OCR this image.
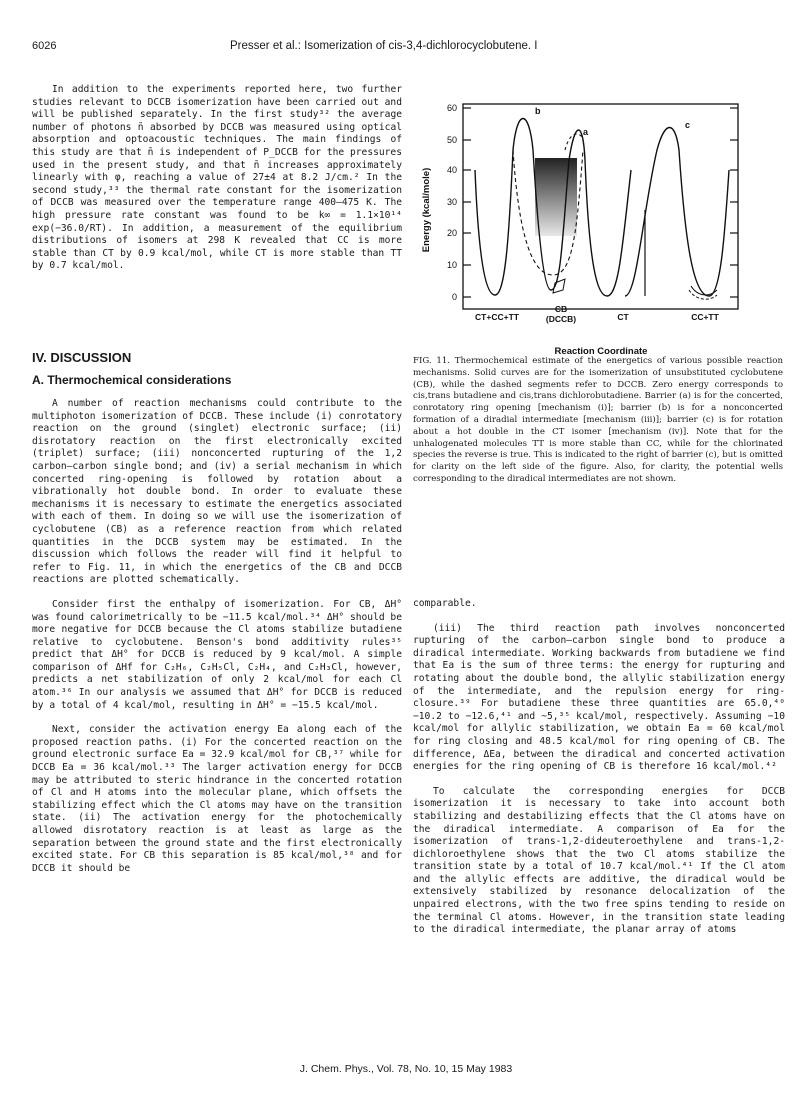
6026	Presser et al.: Isomerization of cis-3,4-dichlorocyclobutene. I

In addition to the experiments reported here, two further studies relevant to DCCB isomerization have been carried out and will be published separately. In the first study³² the average number of photons n̄ absorbed by DCCB was measured using optical absorption and optoacoustic techniques. The main findings of this study are that n̄ is independent of P_DCCB for the pressures used in the present study, and that n̄ increases approximately linearly with φ, reaching a value of 27±4 at 8.2 J/cm.² In the second study,³³ the thermal rate constant for the isomerization of DCCB was measured over the temperature range 400–475 K. The high pressure rate constant was found to be k∞ = 1.1×10¹⁴ exp(−36.0/RT). In addition, a measurement of the equilibrium distributions of isomers at 298 K revealed that CC is more stable than CT by 0.9 kcal/mol, while CT is more stable than TT by 0.7 kcal/mol.

IV. DISCUSSION
A. Thermochemical considerations

A number of reaction mechanisms could contribute to the multiphoton isomerization of DCCB. These include (i) conrotatory reaction on the ground (singlet) electronic surface; (ii) disrotatory reaction on the first electronically excited (triplet) surface; (iii) nonconcerted rupturing of the 1,2 carbon–carbon single bond; and (iv) a serial mechanism in which concerted ring-opening is followed by rotation about a vibrationally hot double bond. In order to evaluate these mechanisms it is necessary to estimate the energetics associated with each of them. In doing so we will use the isomerization of cyclobutene (CB) as a reference reaction from which related quantities in the DCCB system may be estimated. In the discussion which follows the reader will find it helpful to refer to Fig. 11, in which the energetics of the CB and DCCB reactions are plotted schematically.

Consider first the enthalpy of isomerization. For CB, ΔH° was found calorimetrically to be −11.5 kcal/mol.³⁴ ΔH° should be more negative for DCCB because the Cl atoms stabilize butadiene relative to cyclobutene. Benson's bond additivity rules³⁵ predict that ΔH° for DCCB is reduced by 9 kcal/mol. A simple comparison of ΔHf for C₂H₆, C₂H₅Cl, C₂H₄, and C₂H₃Cl, however, predicts a net stabilization of only 2 kcal/mol for each Cl atom.³⁶ In our analysis we assumed that ΔH° for DCCB is reduced by a total of 4 kcal/mol, resulting in ΔH° = −15.5 kcal/mol.

Next, consider the activation energy Ea along each of the proposed reaction paths. (i) For the concerted reaction on the ground electronic surface Ea = 32.9 kcal/mol for CB,³⁷ while for DCCB Ea = 36 kcal/mol.³³ The larger activation energy for DCCB may be attributed to steric hindrance in the concerted rotation of Cl and H atoms into the molecular plane, which offsets the stabilizing effect which the Cl atoms may have on the transition state. (ii) The activation energy for the photochemically allowed disrotatory reaction is at least as large as the separation between the ground state and the first electronically excited state. For CB this separation is 85 kcal/mol,³⁸ and for DCCB it should be

60
50
40
30
20
10
0
Energy (kcal/mole)
b
a
c
CT+CC+TT
CB
(DCCB)	CT	CC+TT
Reaction Coordinate
FIG. 11. Thermochemical estimate of the energetics of various possible reaction mechanisms. Solid curves are for the isomerization of unsubstituted cyclobutene (CB), while the dashed segments refer to DCCB. Zero energy corresponds to cis,trans butadiene and cis,trans dichlorobutadiene. Barrier (a) is for the concerted, conrotatory ring opening [mechanism (i)]; barrier (b) is for a nonconcerted formation of a diradial intermediate [mechanism (iii)]; barrier (c) is for rotation about a hot double in the CT isomer [mechanism (iv)]. Note that for the unhalogenated molecules TT is more stable than CC, while for the chlorinated species the reverse is true. This is indicated to the right of barrier (c), but is omitted for clarity on the left side of the figure. Also, for clarity, the potential wells corresponding to the diradical intermediates are not shown.

comparable.

(iii) The third reaction path involves nonconcerted rupturing of the carbon–carbon single bond to produce a diradical intermediate. Working backwards from butadiene we find that Ea is the sum of three terms: the energy for rupturing and rotating about the double bond, the allylic stabilization energy of the intermediate, and the repulsion energy for ring-closure.³⁹ For butadiene these three quantities are 65.0,⁴⁰ −10.2 to −12.6,⁴¹ and ~5,³⁵ kcal/mol, respectively. Assuming −10 kcal/mol for allylic stabilization, we obtain Ea = 60 kcal/mol for ring closing and 48.5 kcal/mol for ring opening of CB. The difference, ΔEa, between the diradical and concerted activation energies for the ring opening of CB is therefore 16 kcal/mol.⁴²

To calculate the corresponding energies for DCCB isomerization it is necessary to take into account both stabilizing and destabilizing effects that the Cl atoms have on the diradical intermediate. A comparison of Ea for the isomerization of trans-1,2-dideuteroethylene and trans-1,2-dichloroethylene shows that the two Cl atoms stabilize the transition state by a total of 10.7 kcal/mol.⁴¹ If the Cl atom and the allylic effects are additive, the diradical would be extensively stabilized by resonance delocalization of the unpaired electrons, with the two free spins tending to reside on the terminal Cl atoms. However, in the transition state leading to the diradical intermediate, the planar array of atoms

J. Chem. Phys., Vol. 78, No. 10, 15 May 1983
